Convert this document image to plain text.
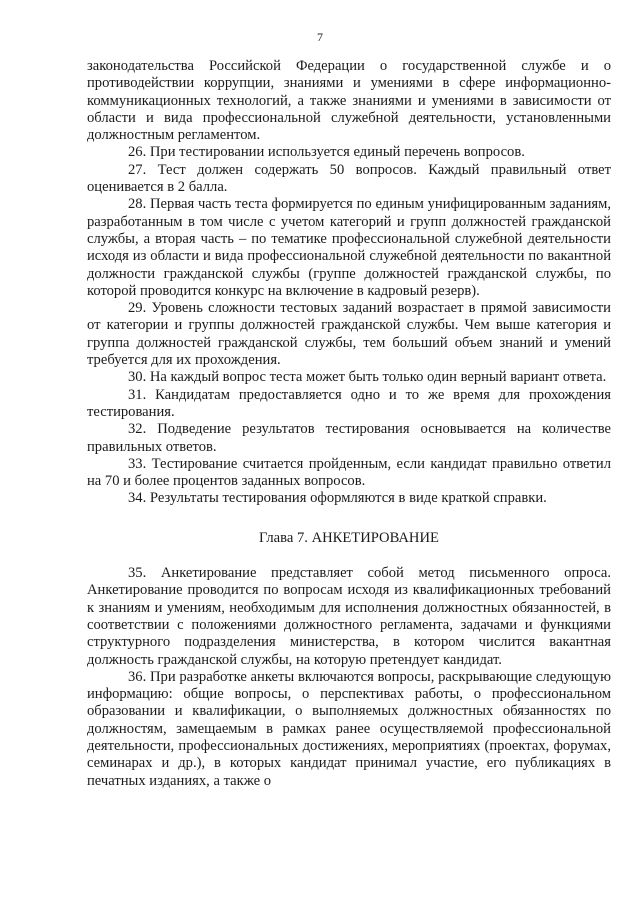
7

законодательства Российской Федерации о государственной службе и о противодействии коррупции, знаниями и умениями в сфере информационно-коммуникационных технологий, а также знаниями и умениями в зависимости от области и вида профессиональной служебной деятельности, установленными должностным регламентом.

26. При тестировании используется единый перечень вопросов.

27. Тест должен содержать 50 вопросов. Каждый правильный ответ оценивается в 2 балла.

28. Первая часть теста формируется по единым унифицированным заданиям, разработанным в том числе с учетом категорий и групп должностей гражданской службы, а вторая часть – по тематике профессиональной служебной деятельности исходя из области и вида профессиональной служебной деятельности по вакантной должности гражданской службы (группе должностей гражданской службы, по которой проводится конкурс на включение в кадровый резерв).

29. Уровень сложности тестовых заданий возрастает в прямой зависимости от категории и группы должностей гражданской службы. Чем выше категория и группа должностей гражданской службы, тем больший объем знаний и умений требуется для их прохождения.

30. На каждый вопрос теста может быть только один верный вариант ответа.

31. Кандидатам предоставляется одно и то же время для прохождения тестирования.

32. Подведение результатов тестирования основывается на количестве правильных ответов.

33. Тестирование считается пройденным, если кандидат правильно ответил на 70 и более процентов заданных вопросов.

34. Результаты тестирования оформляются в виде краткой справки.

Глава 7. АНКЕТИРОВАНИЕ

35. Анкетирование представляет собой метод письменного опроса. Анкетирование проводится по вопросам исходя из квалификационных требований к знаниям и умениям, необходимым для исполнения должностных обязанностей, в соответствии с положениями должностного регламента, задачами и функциями структурного подразделения министерства, в котором числится вакантная должность гражданской службы, на которую претендует кандидат.

36. При разработке анкеты включаются вопросы, раскрывающие следующую информацию: общие вопросы, о перспективах работы, о профессиональном образовании и квалификации, о выполняемых должностных обязанностях по должностям, замещаемым в рамках ранее осуществляемой профессиональной деятельности, профессиональных достижениях, мероприятиях (проектах, форумах, семинарах и др.), в которых кандидат принимал участие, его публикациях в печатных изданиях, а также о
